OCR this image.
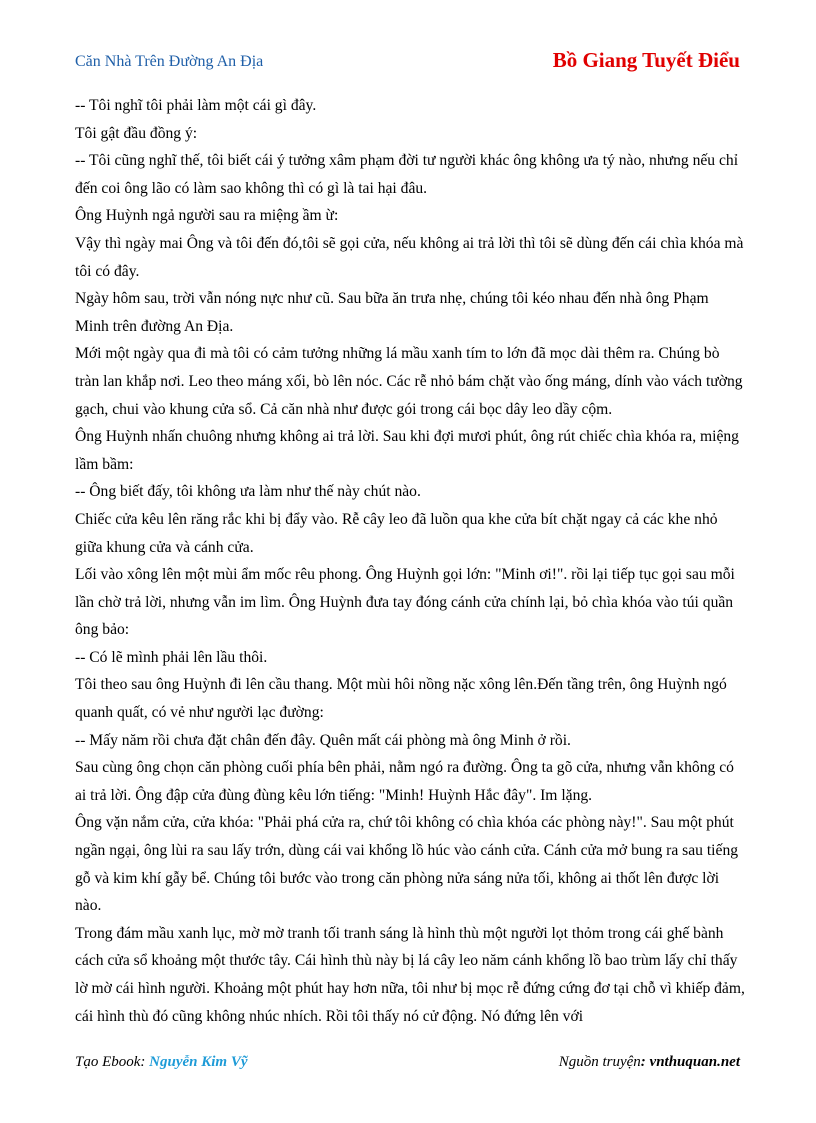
Căn Nhà Trên Đường An Địa	Bồ Giang Tuyết Điểu

-- Tôi nghĩ tôi phải làm một cái gì đây.

Tôi gật đầu đồng ý:

-- Tôi cũng nghĩ thế, tôi biết cái ý tưởng xâm phạm đời tư người khác ông không ưa tý nào, nhưng nếu chỉ đến coi ông lão có làm sao không thì có gì là tai hại đâu.

Ông Huỳnh ngả người sau ra miệng ầm ừ:

Vậy thì ngày mai Ông và tôi đến đó,tôi sẽ gọi cửa, nếu không ai trả lời thì tôi sẽ dùng đến cái chìa khóa mà tôi có đây.

Ngày hôm sau, trời vẫn nóng nực như cũ. Sau bữa ăn trưa nhẹ, chúng tôi kéo nhau đến nhà ông Phạm Minh trên đường An Địa.

Mới một ngày qua đi mà tôi có cảm tưởng những lá mầu xanh tím to lớn đã mọc dài thêm ra. Chúng bò tràn lan khắp nơi. Leo theo máng xối, bò lên nóc. Các rễ nhỏ bám chặt vào ống máng, dính vào vách tường gạch, chui vào khung cửa sổ. Cả căn nhà như được gói trong cái bọc dây leo dầy cộm.

Ông Huỳnh nhấn chuông nhưng không ai trả lời. Sau khi đợi mươi phút, ông rút chiếc chìa khóa ra, miệng lầm bầm:

-- Ông biết đấy, tôi không ưa làm như thế này chút nào.

Chiếc cửa kêu lên răng rắc khi bị đẩy vào. Rễ cây leo đã luồn qua khe cửa bít chặt ngay cả các khe nhỏ giữa khung cửa và cánh cửa.

Lối vào xông lên một mùi ẩm mốc rêu phong. Ông Huỳnh gọi lớn: "Minh ơi!". rồi lại tiếp tục gọi sau mỗi lần chờ trả lời, nhưng vẫn im lìm. Ông Huỳnh đưa tay đóng cánh cửa chính lại, bỏ chìa khóa vào túi quần ông bảo:

-- Có lẽ mình phải lên lầu thôi.

Tôi theo sau ông Huỳnh đi lên cầu thang. Một mùi hôi nồng nặc xông lên.Đến tầng trên, ông Huỳnh ngó quanh quất, có vẻ như người lạc đường:

-- Mấy năm rồi chưa đặt chân đến đây. Quên mất cái phòng mà ông Minh ở rồi.

Sau cùng ông chọn căn phòng cuối phía bên phải, nằm ngó ra đường. Ông ta gõ cửa, nhưng vẫn không có ai trả lời. Ông đập cửa đùng đùng kêu lớn tiếng: "Minh! Huỳnh Hắc đây". Im lặng.

Ông vặn nắm cửa, cửa khóa: "Phải phá cửa ra, chứ tôi không có chìa khóa các phòng này!". Sau một phút ngần ngại, ông lùi ra sau lấy trớn, dùng cái vai khổng lồ húc vào cánh cửa. Cánh cửa mở bung ra sau tiếng gỗ và kim khí gẫy bể. Chúng tôi bước vào trong căn phòng nửa sáng nửa tối, không ai thốt lên được lời nào.

Trong đám mầu xanh lục, mờ mờ tranh tối tranh sáng là hình thù một người lọt thỏm trong cái ghế bành cách cửa sổ khoảng một thước tây. Cái hình thù này bị lá cây leo năm cánh khổng lồ bao trùm lấy chỉ thấy lờ mờ cái hình người. Khoảng một phút hay hơn nữa, tôi như bị mọc rễ đứng cứng đơ tại chỗ vì khiếp đảm, cái hình thù đó cũng không nhúc nhích. Rồi tôi thấy nó cử động. Nó đứng lên với

Tạo Ebook: Nguyễn Kim Vỹ	Nguồn truyện: vnthuquan.net
